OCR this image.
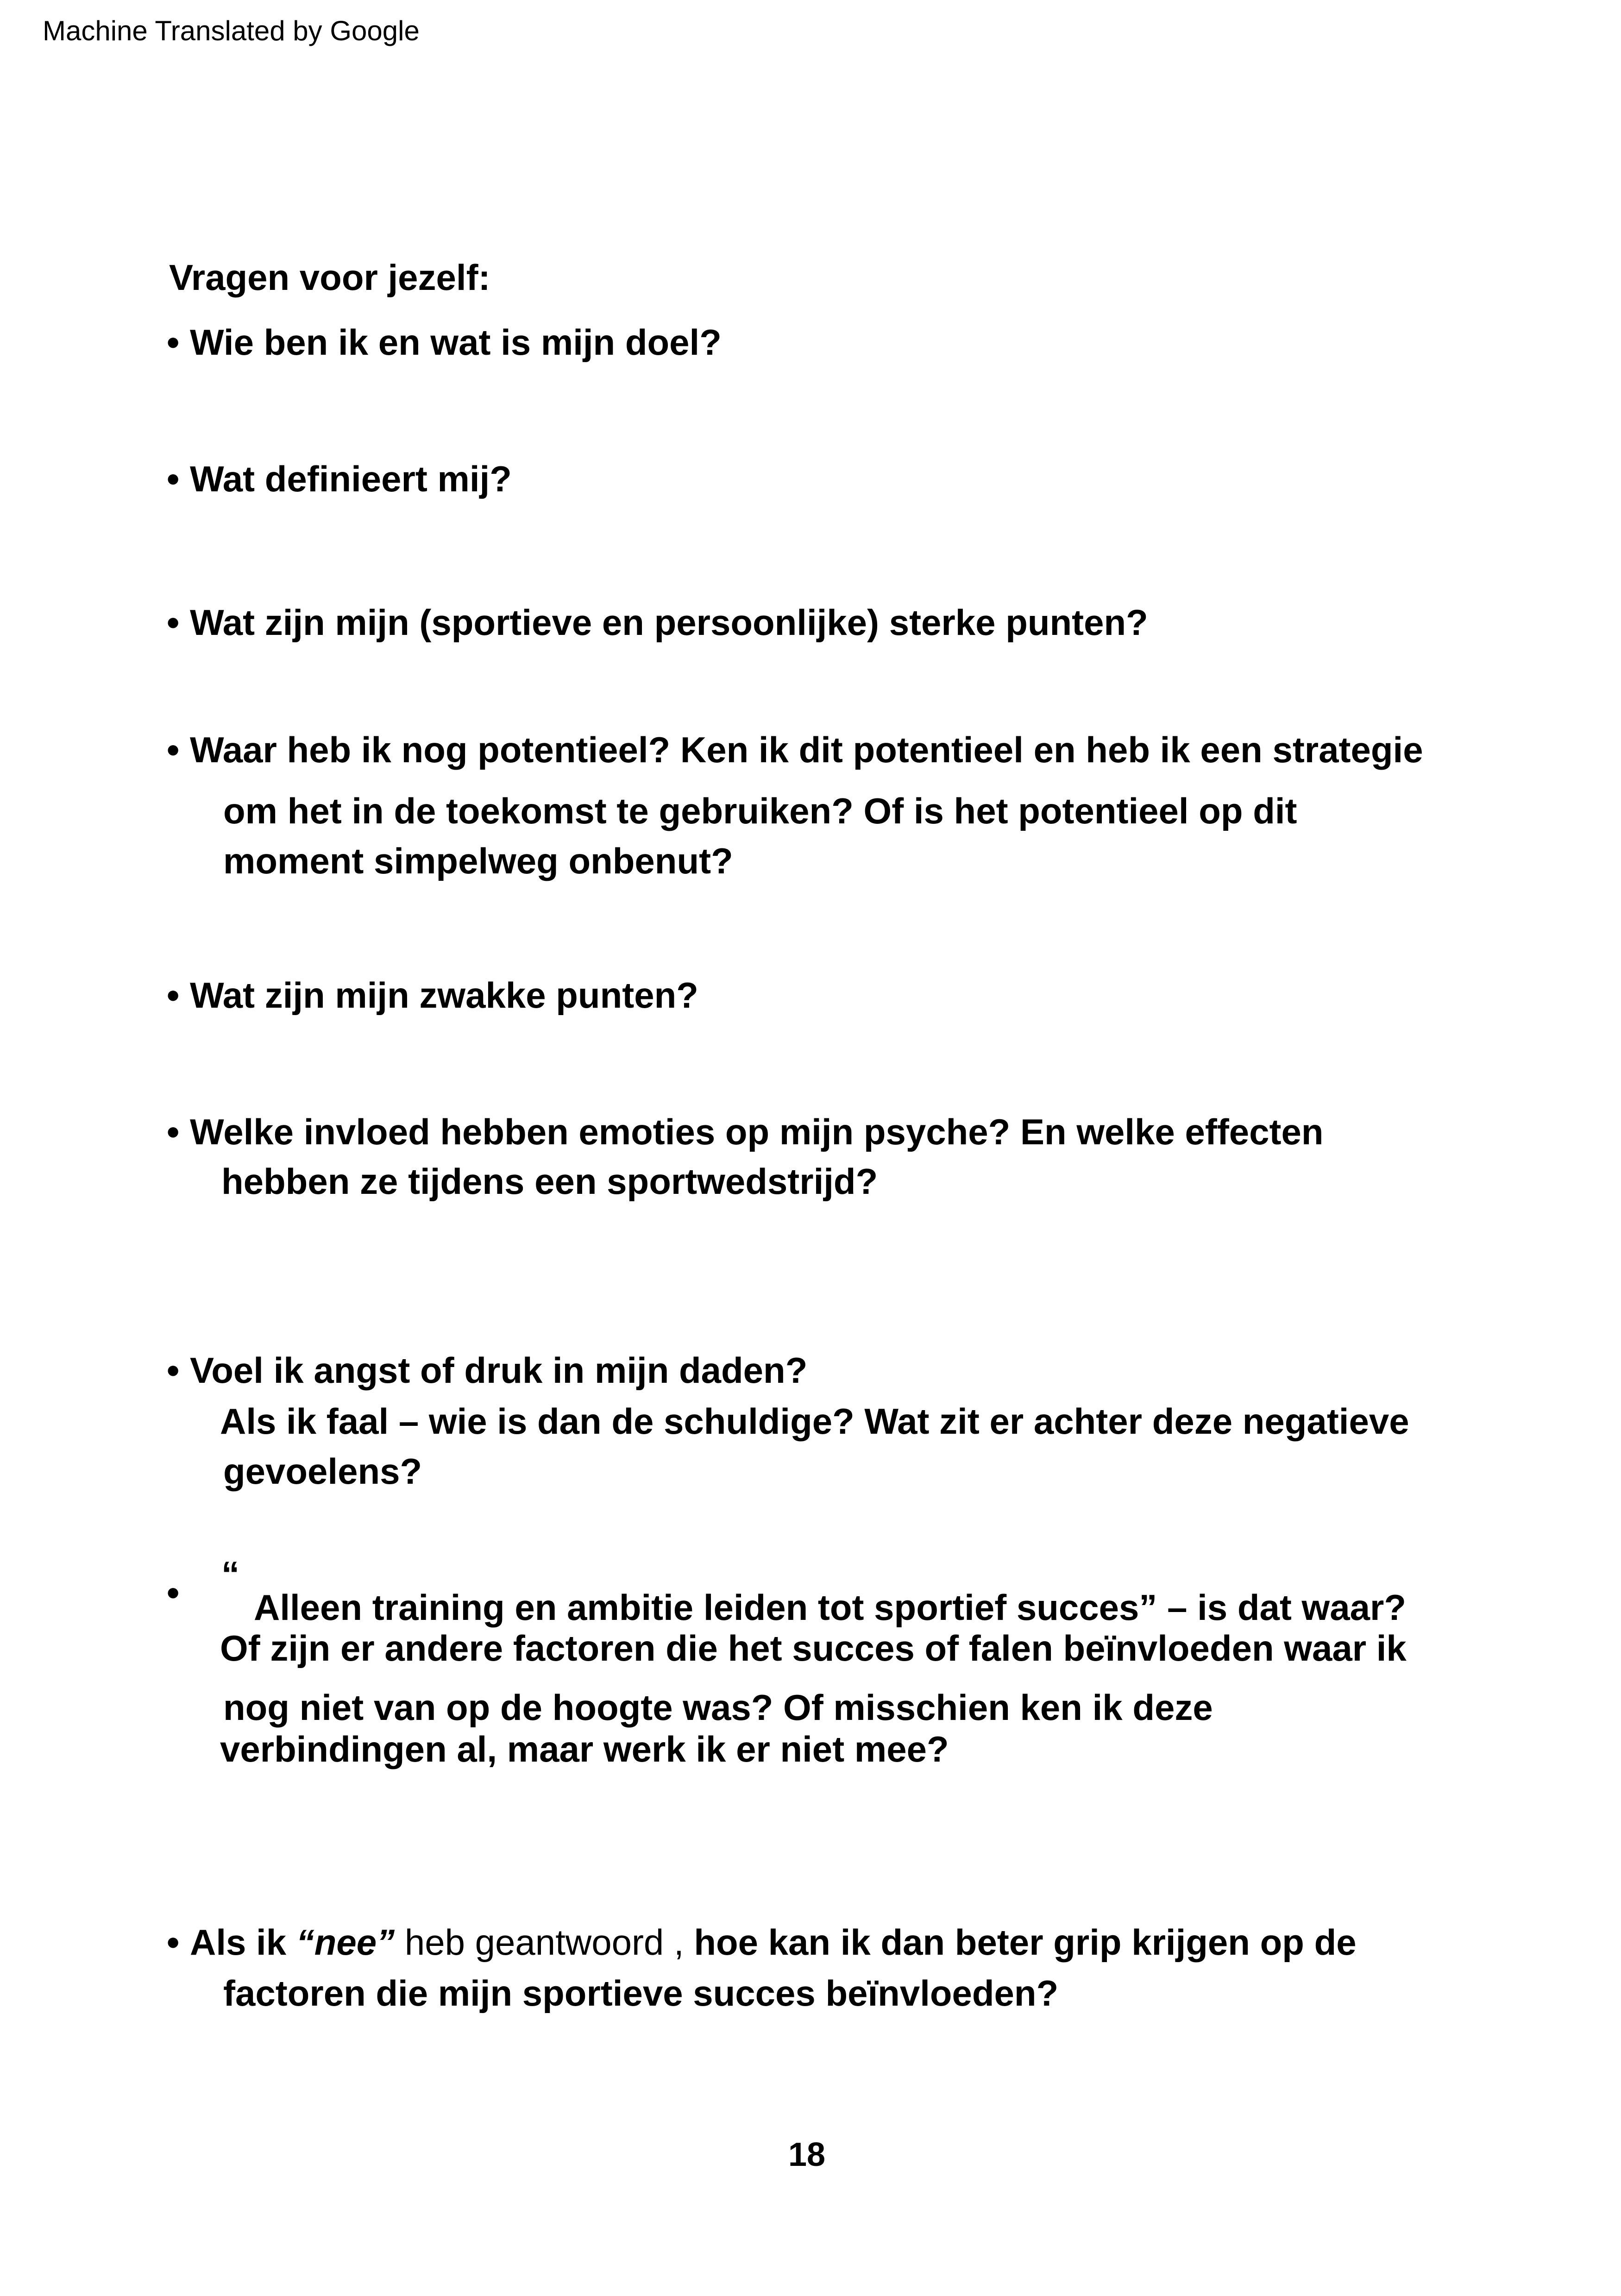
Machine Translated by Google
Vragen voor jezelf:
• Wie ben ik en wat is mijn doel?
• Wat definieert mij?
• Wat zijn mijn (sportieve en persoonlijke) sterke punten?
• Waar heb ik nog potentieel? Ken ik dit potentieel en heb ik een strategie
om het in de toekomst te gebruiken? Of is het potentieel op dit
moment simpelweg onbenut?
• Wat zijn mijn zwakke punten?
• Welke invloed hebben emoties op mijn psyche? En welke effecten
hebben ze tijdens een sportwedstrijd?
• Voel ik angst of druk in mijn daden?
Als ik faal – wie is dan de schuldige? Wat zit er achter deze negatieve
gevoelens?
• “
Alleen training en ambitie leiden tot sportief succes” – is dat waar?
Of zijn er andere factoren die het succes of falen beïnvloeden waar ik
nog niet van op de hoogte was? Of misschien ken ik deze
verbindingen al, maar werk ik er niet mee?
• Als ik “nee” heb geantwoord , hoe kan ik dan beter grip krijgen op de
factoren die mijn sportieve succes beïnvloeden?
18
